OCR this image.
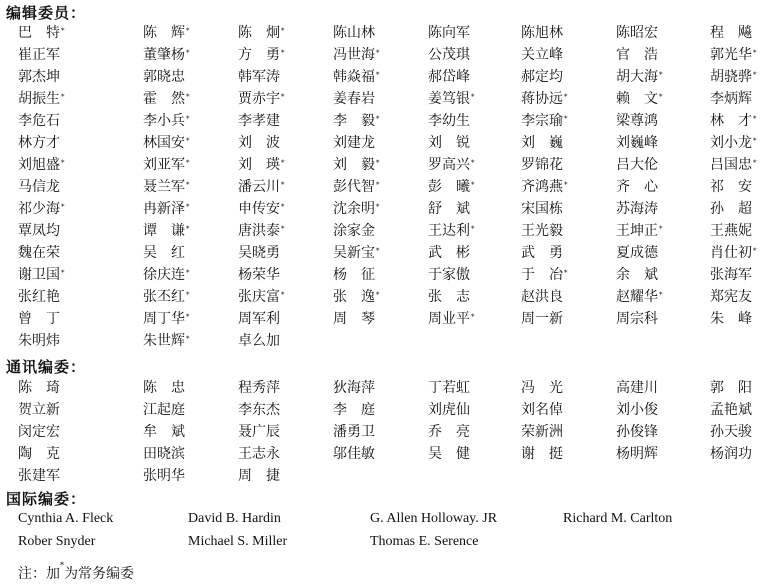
编辑委员：
巴　特*	陈　辉*	陈　炯*	陈山林	陈向军	陈旭林	陈昭宏	程　飚
崔正军	董肇杨*	方　勇*	冯世海*	公茂琪	关立峰	官　浩	郭光华*
郭杰坤	郭晓忠	韩军涛	韩焱福*	郝岱峰	郝定均	胡大海*	胡骁骅*
胡振生*	霍　然*	贾赤宇*	姜春岩	姜笃银*	蒋协远*	赖　文*	李炳辉
李危石	李小兵*	李孝建	李　毅*	李幼生	李宗瑜*	梁尊鸿	林　才*
林方才	林国安*	刘　波	刘建龙	刘　锐	刘　巍	刘巍峰	刘小龙*
刘旭盛*	刘亚军*	刘　瑛*	刘　毅*	罗高兴*	罗锦花	吕大伦	吕国忠*
马信龙	聂兰军*	潘云川*	彭代智*	彭　曦*	齐鸿燕*	齐　心	祁　安
祁少海*	冉新泽*	申传安*	沈余明*	舒　斌	宋国栋	苏海涛	孙　超
覃凤均	谭　谦*	唐洪泰*	涂家金	王达利*	王光毅	王坤正*	王燕妮
魏在荣	吴　红	吴晓勇	吴新宝*	武　彬	武　勇	夏成德	肖仕初*
谢卫国*	徐庆连*	杨荣华	杨　征	于家傲	于　冶*	余　斌	张海军
张红艳	张丕红*	张庆富*	张　逸*	张　志	赵洪良	赵耀华*	郑宪友
曾　丁	周丁华*	周军利	周　琴	周业平*	周一新	周宗科	朱　峰
朱明炜	朱世辉*	卓么加
通讯编委：
陈　琦	陈　忠	程秀萍	狄海萍	丁若虹	冯　光	高建川	郭　阳
贺立新	江起庭	李东杰	李　庭	刘虎仙	刘名倬	刘小俊	孟艳斌
闵定宏	牟　斌	聂广辰	潘勇卫	乔　亮	荣新洲	孙俊锋	孙天骏
陶　克	田晓滨	王志永	邬佳敏	吴　健	谢　挺	杨明辉	杨润功
张建军	张明华	周　捷
国际编委：
Cynthia A. Fleck	David B. Hardin	G. Allen Holloway. JR	Richard M. Carlton
Rober Snyder	Michael S. Miller	Thomas E. Serence
注：加*为常务编委
